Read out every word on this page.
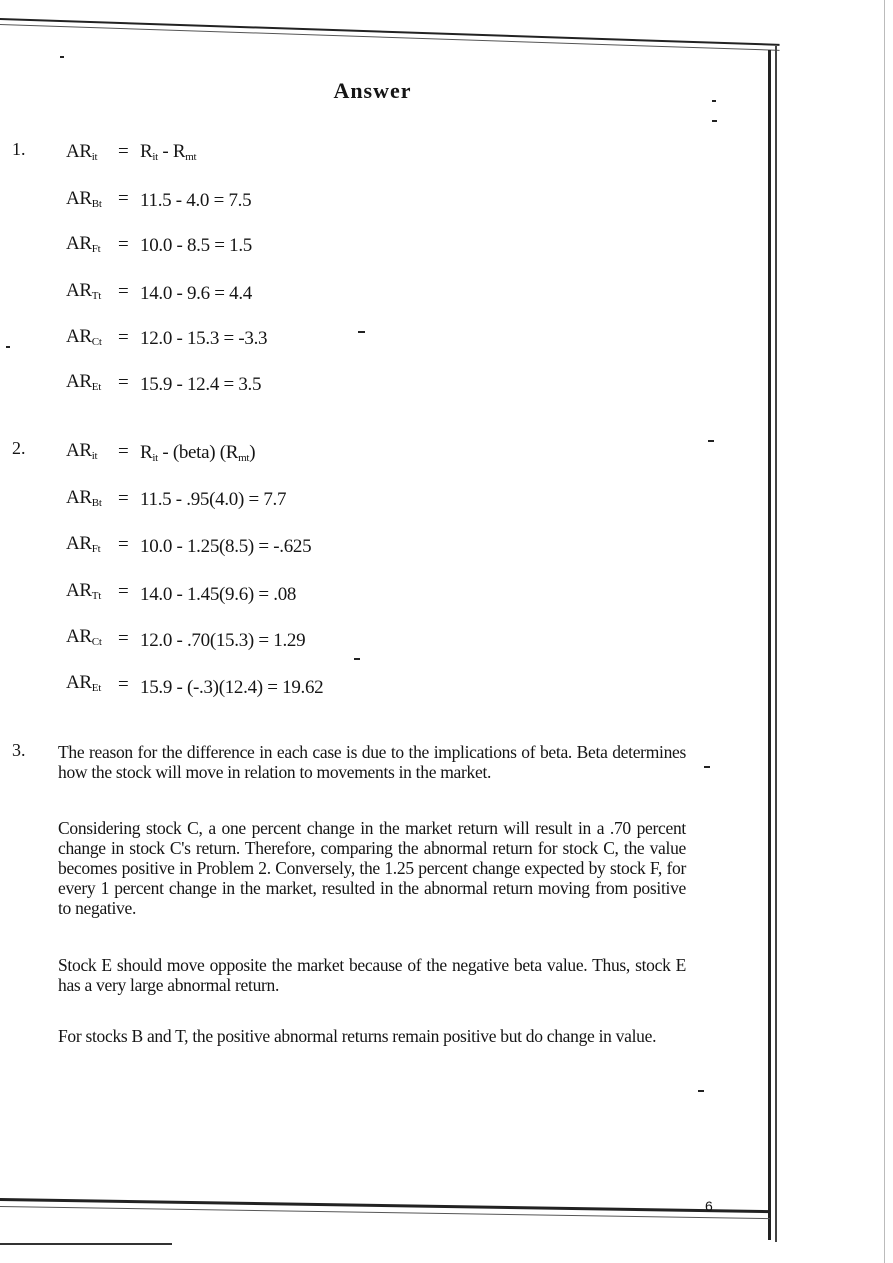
Answer
1. $AR_{it} = R_{it} - R_{mt}$
$AR_{Bt} = 11.5 - 4.0 = 7.5$
$AR_{Ft} = 10.0 - 8.5 = 1.5$
$AR_{Tt} = 14.0 - 9.6 = 4.4$
$AR_{Ct} = 12.0 - 15.3 = -3.3$
$AR_{Et} = 15.9 - 12.4 = 3.5$
2. $AR_{it} = R_{it}$ - (beta) $(R_{mt})$
$AR_{Bt} = 11.5 - .95(4.0) = 7.7$
$AR_{Ft} = 10.0 - 1.25(8.5) = -.625$
$AR_{Tt} = 14.0 - 1.45(9.6) = .08$
$AR_{Ct} = 12.0 - .70(15.3) = 1.29$
$AR_{Et} = 15.9 - (-.3)(12.4) = 19.62$
3. The reason for the difference in each case is due to the implications of beta. Beta determines how the stock will move in relation to movements in the market.
Considering stock C, a one percent change in the market return will result in a .70 percent change in stock C's return. Therefore, comparing the abnormal return for stock C, the value becomes positive in Problem 2. Conversely, the 1.25 percent change expected by stock F, for every 1 percent change in the market, resulted in the abnormal return moving from positive to negative.
Stock E should move opposite the market because of the negative beta value. Thus, stock E has a very large abnormal return.
For stocks B and T, the positive abnormal returns remain positive but do change in value.
6
